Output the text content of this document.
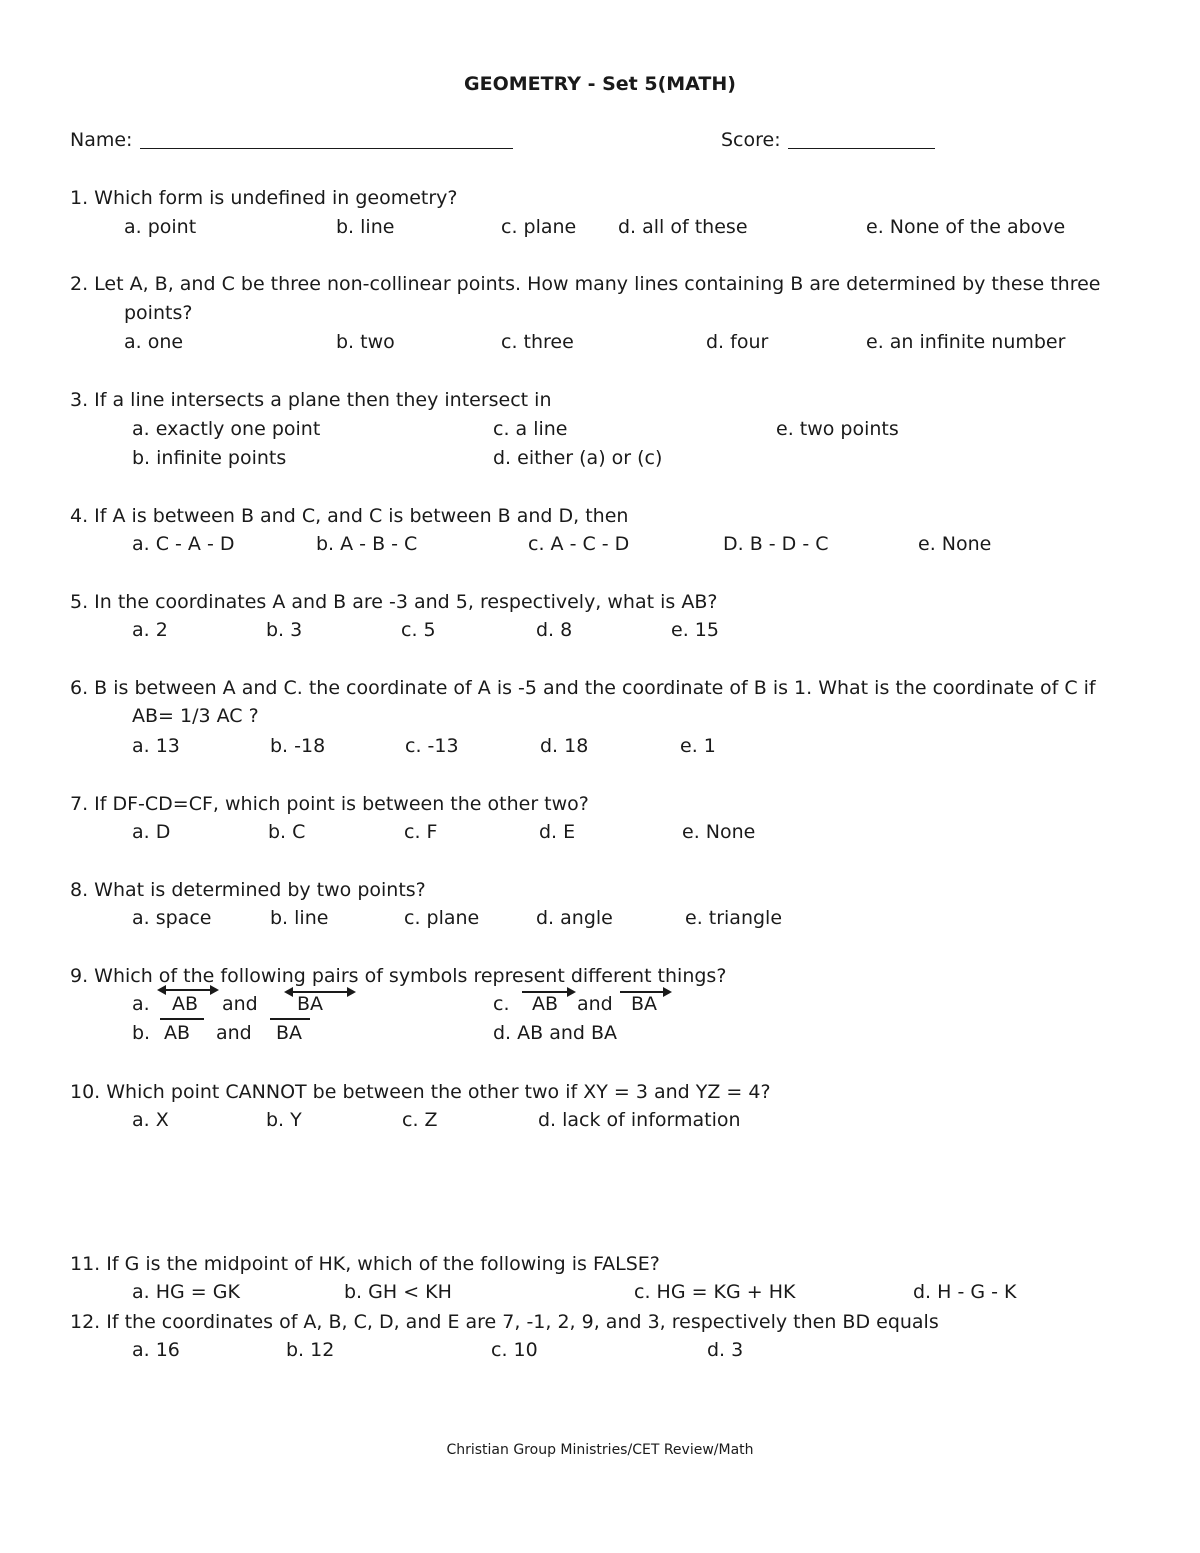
GEOMETRY - Set 5(MATH)
Name:	Score:
1. Which form is undefined in geometry?
a. point	b. line	c. plane d. all of these	e. None of the above
2. Let A, B, and C be three non-collinear points. How many lines containing B are determined by these three
points?
a. one	b. two	c. three	d. four	e. an infinite number
3. If a line intersects a plane then they intersect in
a. exactly one point	c. a line	e. two points
b. infinite points	d. either (a) or (c)
4. If A is between B and C, and C is between B and D, then
a. C - A - D	b. A - B - C	c. A - C - D	D. B - D - C	e. None
5. In the coordinates A and B are -3 and 5, respectively, what is AB?
a. 2	b. 3	c. 5	d. 8	e. 15
6. B is between A and C. the coordinate of A is -5 and the coordinate of B is 1. What is the coordinate of C if
AB= 1/3 AC ?
a. 13	b. -18	c. -13	d. 18	e. 1
7. If DF-CD=CF, which point is between the other two?
a. D	b. C	c. F	d. E	e. None
8. What is determined by two points?
a. space	b. line	c. plane	d. angle	e. triangle
9. Which of the following pairs of symbols represent different things?
a. AB and BA	c. AB and BA
b. AB and BA	d. AB and BA
10. Which point CANNOT be between the other two if XY = 3 and YZ = 4?
a. X	b. Y	c. Z	d. lack of information
11. If G is the midpoint of HK, which of the following is FALSE?
a. HG = GK	b. GH < KH	c. HG = KG + HK	d. H - G - K
12. If the coordinates of A, B, C, D, and E are 7, -1, 2, 9, and 3, respectively then BD equals
a. 16	b. 12	c. 10	d. 3
Christian Group Ministries/CET Review/Math
